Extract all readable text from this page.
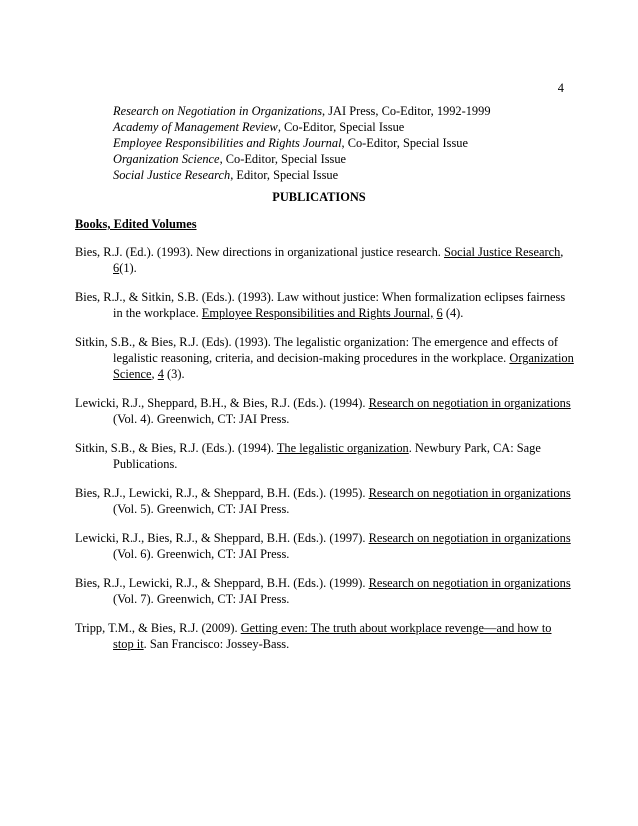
4
Research on Negotiation in Organizations, JAI Press, Co-Editor, 1992-1999
Academy of Management Review, Co-Editor, Special Issue
Employee Responsibilities and Rights Journal, Co-Editor, Special Issue
Organization Science, Co-Editor, Special Issue
Social Justice Research, Editor, Special Issue
PUBLICATIONS
Books, Edited Volumes

Bies, R.J. (Ed.). (1993). New directions in organizational justice research. Social Justice Research, 6(1).

Bies, R.J., & Sitkin, S.B. (Eds.). (1993). Law without justice: When formalization eclipses fairness in the workplace. Employee Responsibilities and Rights Journal, 6 (4).

Sitkin, S.B., & Bies, R.J. (Eds). (1993). The legalistic organization: The emergence and effects of legalistic reasoning, criteria, and decision-making procedures in the workplace. Organization Science, 4 (3).

Lewicki, R.J., Sheppard, B.H., & Bies, R.J. (Eds.). (1994). Research on negotiation in organizations (Vol. 4). Greenwich, CT: JAI Press.

Sitkin, S.B., & Bies, R.J. (Eds.). (1994). The legalistic organization. Newbury Park, CA: Sage Publications.

Bies, R.J., Lewicki, R.J., & Sheppard, B.H. (Eds.). (1995). Research on negotiation in organizations (Vol. 5). Greenwich, CT: JAI Press.

Lewicki, R.J., Bies, R.J., & Sheppard, B.H. (Eds.). (1997). Research on negotiation in organizations (Vol. 6). Greenwich, CT: JAI Press.

Bies, R.J., Lewicki, R.J., & Sheppard, B.H. (Eds.). (1999). Research on negotiation in organizations (Vol. 7). Greenwich, CT: JAI Press.

Tripp, T.M., & Bies, R.J. (2009). Getting even: The truth about workplace revenge—and how to stop it. San Francisco: Jossey-Bass.
